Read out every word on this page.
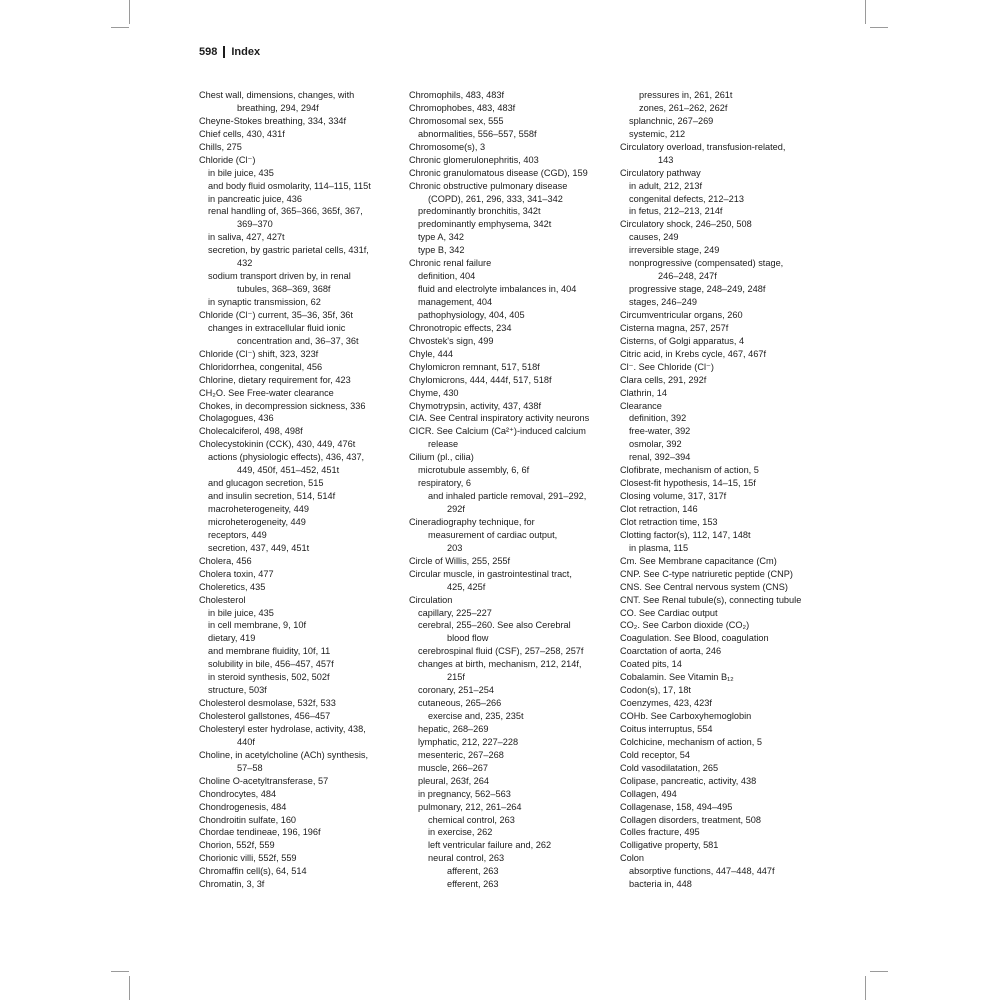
598 Index
Chest wall, dimensions, changes, with
breathing, 294, 294f
Cheyne-Stokes breathing, 334, 334f
Chief cells, 430, 431f
Chills, 275
Chloride (Cl⁻)
in bile juice, 435
and body fluid osmolarity, 114–115, 115t
in pancreatic juice, 436
renal handling of, 365–366, 365f, 367,
369–370
in saliva, 427, 427t
secretion, by gastric parietal cells, 431f,
432
sodium transport driven by, in renal
tubules, 368–369, 368f
in synaptic transmission, 62
Chloride (Cl⁻) current, 35–36, 35f, 36t
changes in extracellular fluid ionic
concentration and, 36–37, 36t
Chloride (Cl⁻) shift, 323, 323f
Chloridorrhea, congenital, 456
Chlorine, dietary requirement for, 423
CH₂O. See Free-water clearance
Chokes, in decompression sickness, 336
Cholagogues, 436
Cholecalciferol, 498, 498f
Cholecystokinin (CCK), 430, 449, 476t
actions (physiologic effects), 436, 437,
449, 450f, 451–452, 451t
and glucagon secretion, 515
and insulin secretion, 514, 514f
macroheterogeneity, 449
microheterogeneity, 449
receptors, 449
secretion, 437, 449, 451t
Cholera, 456
Cholera toxin, 477
Choleretics, 435
Cholesterol
in bile juice, 435
in cell membrane, 9, 10f
dietary, 419
and membrane fluidity, 10f, 11
solubility in bile, 456–457, 457f
in steroid synthesis, 502, 502f
structure, 503f
Cholesterol desmolase, 532f, 533
Cholesterol gallstones, 456–457
Cholesteryl ester hydrolase, activity, 438,
440f
Choline, in acetylcholine (ACh) synthesis,
57–58
Choline O-acetyltransferase, 57
Chondrocytes, 484
Chondrogenesis, 484
Chondroitin sulfate, 160
Chordae tendineae, 196, 196f
Chorion, 552f, 559
Chorionic villi, 552f, 559
Chromaffin cell(s), 64, 514
Chromatin, 3, 3f
Chromophils, 483, 483f
Chromophobes, 483, 483f
Chromosomal sex, 555
abnormalities, 556–557, 558f
Chromosome(s), 3
Chronic glomerulonephritis, 403
Chronic granulomatous disease (CGD), 159
Chronic obstructive pulmonary disease
(COPD), 261, 296, 333, 341–342
predominantly bronchitis, 342t
predominantly emphysema, 342t
type A, 342
type B, 342
Chronic renal failure
definition, 404
fluid and electrolyte imbalances in, 404
management, 404
pathophysiology, 404, 405
Chronotropic effects, 234
Chvostek's sign, 499
Chyle, 444
Chylomicron remnant, 517, 518f
Chylomicrons, 444, 444f, 517, 518f
Chyme, 430
Chymotrypsin, activity, 437, 438f
CIA. See Central inspiratory activity neurons
CICR. See Calcium (Ca²⁺)-induced calcium
release
Cilium (pl., cilia)
microtubule assembly, 6, 6f
respiratory, 6
and inhaled particle removal, 291–292,
292f
Cineradiography technique, for
measurement of cardiac output,
203
Circle of Willis, 255, 255f
Circular muscle, in gastrointestinal tract,
425, 425f
Circulation
capillary, 225–227
cerebral, 255–260. See also Cerebral
blood flow
cerebrospinal fluid (CSF), 257–258, 257f
changes at birth, mechanism, 212, 214f,
215f
coronary, 251–254
cutaneous, 265–266
exercise and, 235, 235t
hepatic, 268–269
lymphatic, 212, 227–228
mesenteric, 267–268
muscle, 266–267
pleural, 263f, 264
in pregnancy, 562–563
pulmonary, 212, 261–264
chemical control, 263
in exercise, 262
left ventricular failure and, 262
neural control, 263
afferent, 263
efferent, 263
pressures in, 261, 261t
zones, 261–262, 262f
splanchnic, 267–269
systemic, 212
Circulatory overload, transfusion-related,
143
Circulatory pathway
in adult, 212, 213f
congenital defects, 212–213
in fetus, 212–213, 214f
Circulatory shock, 246–250, 508
causes, 249
irreversible stage, 249
nonprogressive (compensated) stage,
246–248, 247f
progressive stage, 248–249, 248f
stages, 246–249
Circumventricular organs, 260
Cisterna magna, 257, 257f
Cisterns, of Golgi apparatus, 4
Citric acid, in Krebs cycle, 467, 467f
Cl⁻. See Chloride (Cl⁻)
Clara cells, 291, 292f
Clathrin, 14
Clearance
definition, 392
free-water, 392
osmolar, 392
renal, 392–394
Clofibrate, mechanism of action, 5
Closest-fit hypothesis, 14–15, 15f
Closing volume, 317, 317f
Clot retraction, 146
Clot retraction time, 153
Clotting factor(s), 112, 147, 148t
in plasma, 115
Cm. See Membrane capacitance (Cm)
CNP. See C-type natriuretic peptide (CNP)
CNS. See Central nervous system (CNS)
CNT. See Renal tubule(s), connecting tubule
CO. See Cardiac output
CO₂. See Carbon dioxide (CO₂)
Coagulation. See Blood, coagulation
Coarctation of aorta, 246
Coated pits, 14
Cobalamin. See Vitamin B₁₂
Codon(s), 17, 18t
Coenzymes, 423, 423f
COHb. See Carboxyhemoglobin
Coitus interruptus, 554
Colchicine, mechanism of action, 5
Cold receptor, 54
Cold vasodilatation, 265
Colipase, pancreatic, activity, 438
Collagen, 494
Collagenase, 158, 494–495
Collagen disorders, treatment, 508
Colles fracture, 495
Colligative property, 581
Colon
absorptive functions, 447–448, 447f
bacteria in, 448
